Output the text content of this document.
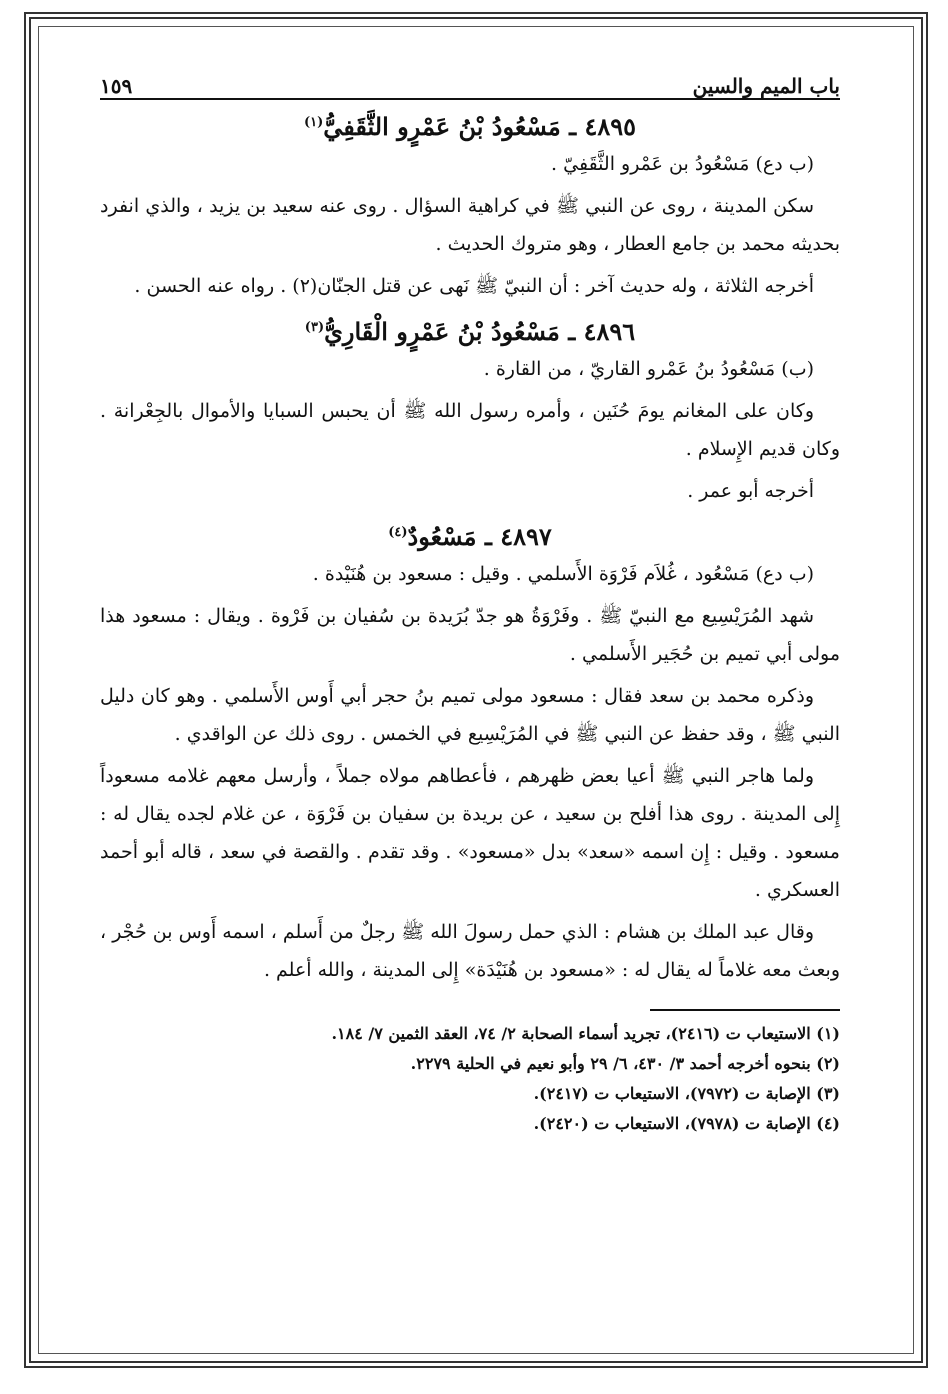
باب الميم والسين
١٥٩
٤٨٩٥ ـ مَسْعُودُ بْنُ عَمْرٍو الثَّقَفِيُّ$^{(١)}$

(ب دع) مَسْعُودُ بن عَمْرو الثَّقَفِيّ .

سكن المدينة ، روى عن النبي ﷺ في كراهية السؤال . روى عنه سعيد بن يزيد ، والذي انفرد بحديثه محمد بن جامع العطار ، وهو متروك الحديث .

أخرجه الثلاثة ، وله حديث آخر : أن النبيّ ﷺ نَهى عن قتل الجنّان(٢) . رواه عنه الحسن .

٤٨٩٦ ـ مَسْعُودُ بْنُ عَمْرٍو الْقَارِيُّ$^{(٣)}$

(ب) مَسْعُودُ بنُ عَمْرو القاريّ ، من القارة .

وكان على المغانم يومَ حُنَين ، وأمره رسول الله ﷺ أن يحبس السبايا والأموال بالجِعْرانة . وكان قديم الإِسلام .

أخرجه أبو عمر .

٤٨٩٧ ـ مَسْعُودٌ$^{(٤)}$

(ب دع) مَسْعُود ، غُلاَم فَرْوَة الأَسلمي . وقيل : مسعود بن هُنَيْدة .

شهد المُرَيْسِيع مع النبيّ ﷺ . وفَرْوَةُ هو جدّ بُرَيدة بن سُفيان بن فَرْوة . ويقال : مسعود هذا مولى أبي تميم بن حُجَير الأَسلمي .

وذكره محمد بن سعد فقال : مسعود مولى تميم بنُ حجر أبي أَوس الأَسلمي . وهو كان دليل النبي ﷺ ، وقد حفظ عن النبي ﷺ في المُرَيْسِيع في الخمس . روى ذلك عن الواقدي .

ولما هاجر النبي ﷺ أعيا بعض ظهرهم ، فأعطاهم مولاه جملاً ، وأرسل معهم غلامه مسعوداً إِلى المدينة . روى هذا أفلح بن سعيد ، عن بريدة بن سفيان بن فَرْوَة ، عن غلام لجده يقال له : مسعود . وقيل : إِن اسمه «سعد» بدل «مسعود» . وقد تقدم . والقصة في سعد ، قاله أبو أحمد العسكري .

وقال عبد الملك بن هشام : الذي حمل رسولَ الله ﷺ رجلٌ من أَسلم ، اسمه أَوس بن حُجْر ، وبعث معه غلاماً له يقال له : «مسعود بن هُنَيْدَة» إِلى المدينة ، والله أعلم .

(١) الاستيعاب ت (٢٤١٦)، تجريد أسماء الصحابة ٢/ ٧٤، العقد الثمين ٧/ ١٨٤.
(٢) بنحوه أخرجه أحمد ٣/ ٤٣٠، ٦/ ٢٩ وأبو نعيم في الحلية ٢٢٧٩.
(٣) الإصابة ت (٧٩٧٢)، الاستيعاب ت (٢٤١٧).
(٤) الإصابة ت (٧٩٧٨)، الاستيعاب ت (٢٤٢٠).
